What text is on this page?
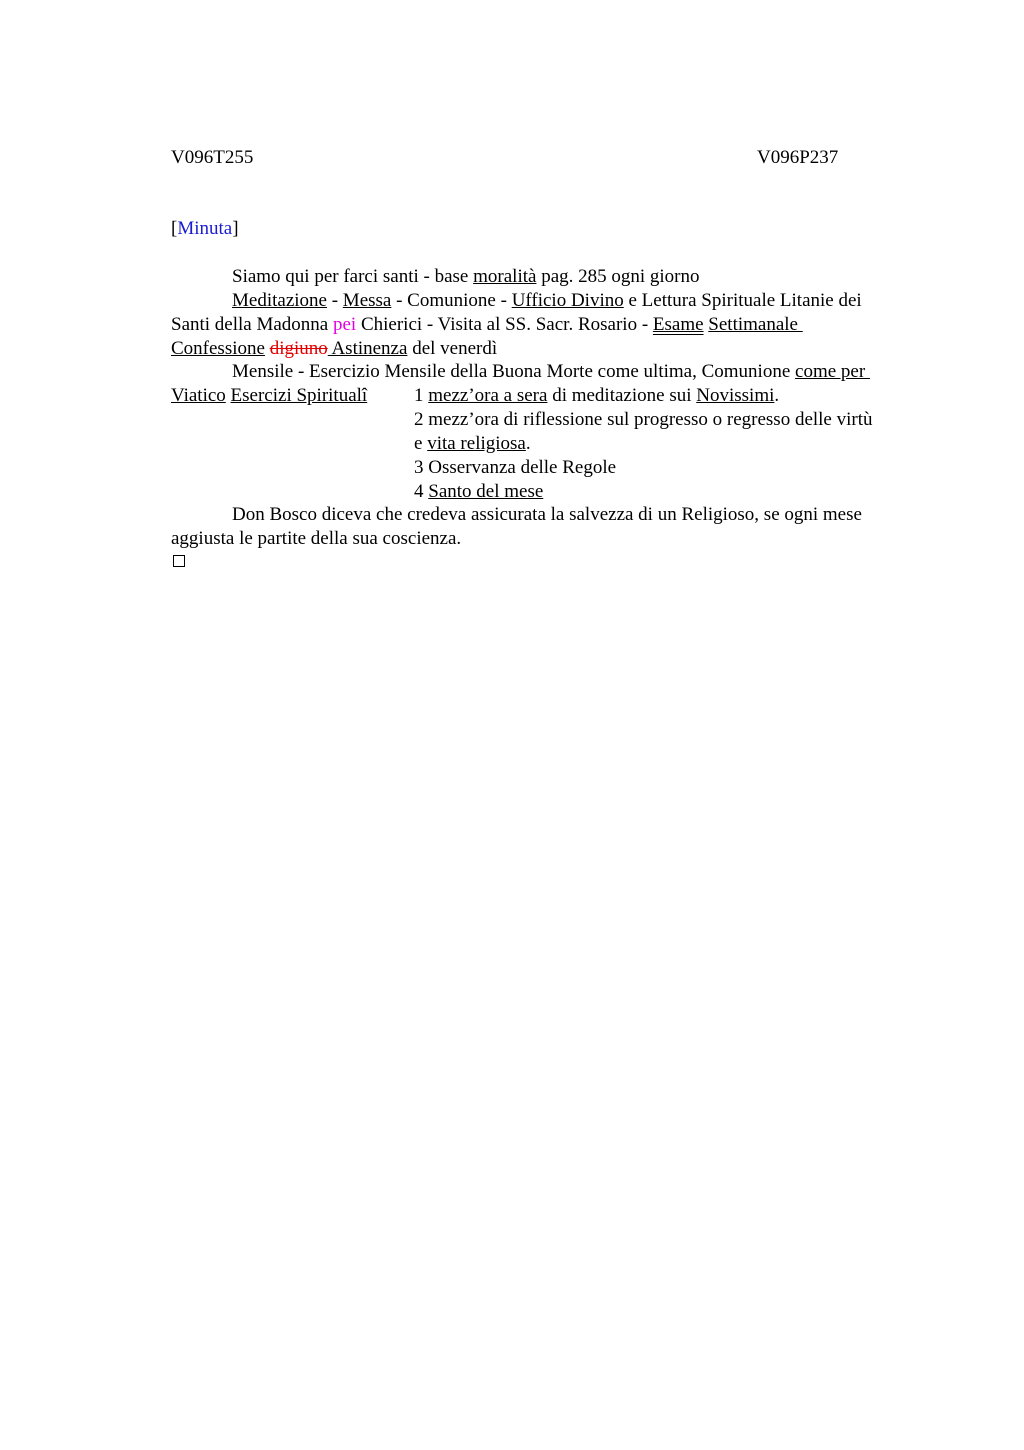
V096T255	V096P237
[Minuta]
Siamo qui per farci santi - base moralità pag. 285 ogni giorno
Meditazione - Messa - Comunione - Ufficio Divino e Lettura Spirituale Litanie dei
Santi della Madonna pei Chierici - Visita al SS. Sacr. Rosario - Esame Settimanale
Confessione digiuno Astinenza del venerdì
Mensile - Esercizio Mensile della Buona Morte come ultima, Comunione come per
Viatico Esercizi Spirituali 1 mezz’ora a sera di meditazione sui Novissimi.
2 mezz’ora di riflessione sul progresso o regresso delle virtù
e vita religiosa.
3 Osservanza delle Regole
4 Santo del mese
Don Bosco diceva che credeva assicurata la salvezza di un Religioso, se ogni mese
aggiusta le partite della sua coscienza.
